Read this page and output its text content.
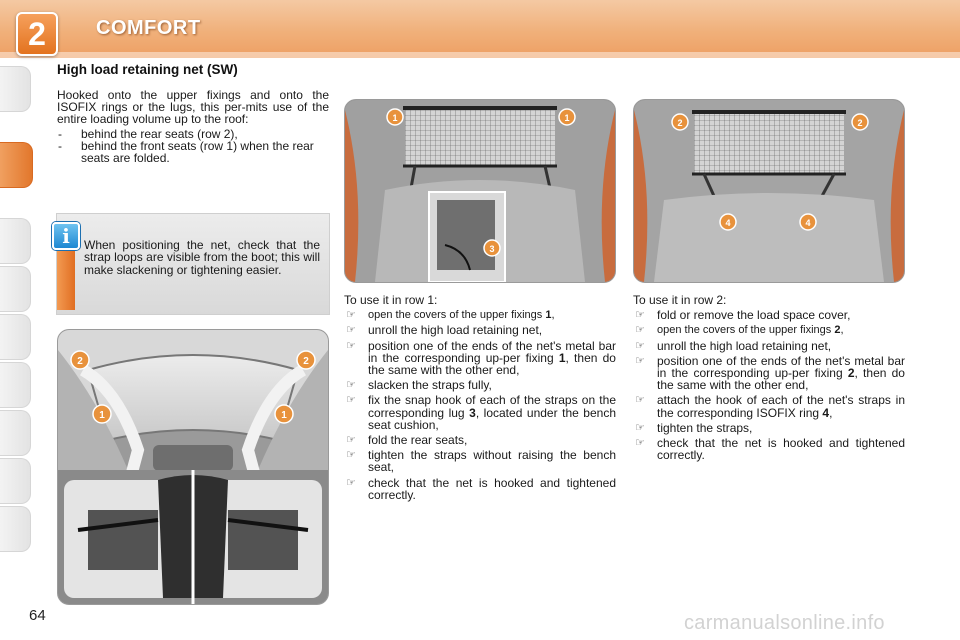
2	COMFORT
High load retaining net (SW)

Hooked onto the upper fixings and onto the ISOFIX rings or the lugs, this per-mits use of the entire loading volume up to the roof:

- behind the rear seats (row 2),
- behind the front seats (row 1) when the rear seats are folded.
i	When positioning the net, check that the strap loops are visible from the boot; this will make slackening or tightening easier.
2	2
1	1
1	1
3
2	2
4	4

To use it in row 1:

☞ open the covers of the upper fixings 1,
☞ unroll the high load retaining net,
☞ position one of the ends of the net's metal bar in the corresponding up-per fixing 1, then do the same with the other end,
☞ slacken the straps fully,
☞ fix the snap hook of each of the straps on the corresponding lug 3, located under the bench seat cushion,
☞ fold the rear seats,
☞ tighten the straps without raising the bench seat,
☞ check that the net is hooked and tightened correctly.

To use it in row 2:

☞ fold or remove the load space cover,
☞ open the covers of the upper fixings 2,
☞ unroll the high load retaining net,
☞ position one of the ends of the net's metal bar in the corresponding up-per fixing 2, then do the same with the other end,
☞ attach the hook of each of the net's straps in the corresponding ISOFIX ring 4,
☞ tighten the straps,
☞ check that the net is hooked and tightened correctly.
64	carmanualsonline.info
